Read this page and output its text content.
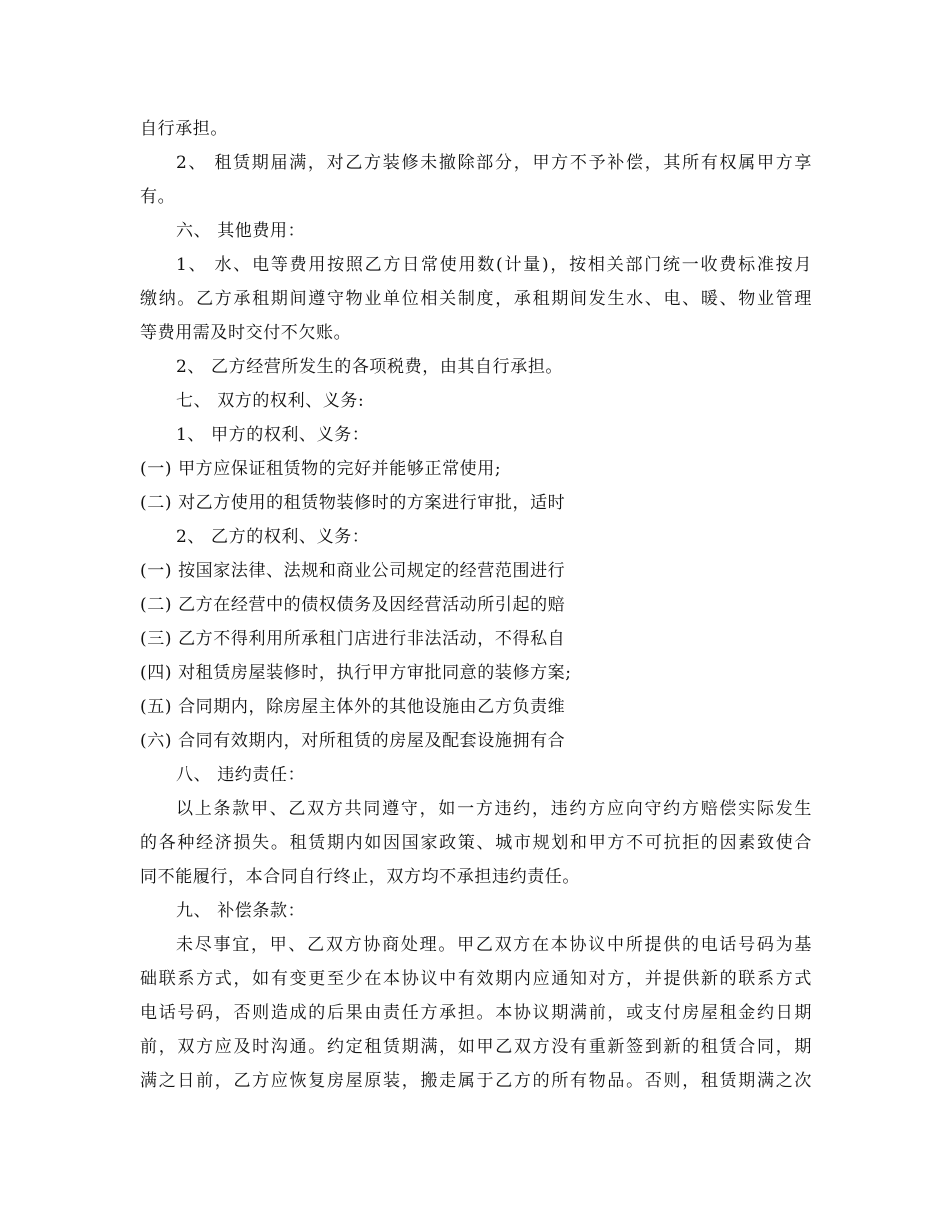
自行承担。
2、 租赁期届满，对乙方装修未撤除部分，甲方不予补偿，其所有权属甲方享
有。
六、 其他费用：
1、 水、电等费用按照乙方日常使用数(计量)，按相关部门统一收费标准按月
缴纳。乙方承租期间遵守物业单位相关制度，承租期间发生水、电、暖、物业管理
等费用需及时交付不欠账。
2、 乙方经营所发生的各项税费，由其自行承担。
七、 双方的权利、义务:
1、 甲方的权利、义务：
(一) 甲方应保证租赁物的完好并能够正常使用;
(二) 对乙方使用的租赁物装修时的方案进行审批，适时
2、 乙方的权利、义务：
(一) 按国家法律、法规和商业公司规定的经营范围进行
(二) 乙方在经营中的债权债务及因经营活动所引起的赔
(三) 乙方不得利用所承租门店进行非法活动，不得私自
(四) 对租赁房屋装修时，执行甲方审批同意的装修方案;
(五) 合同期内，除房屋主体外的其他设施由乙方负责维
(六) 合同有效期内，对所租赁的房屋及配套设施拥有合
八、 违约责任：
以上条款甲、乙双方共同遵守，如一方违约，违约方应向守约方赔偿实际发生
的各种经济损失。租赁期内如因国家政策、城市规划和甲方不可抗拒的因素致使合
同不能履行，本合同自行终止，双方均不承担违约责任。
九、 补偿条款：
未尽事宜，甲、乙双方协商处理。甲乙双方在本协议中所提供的电话号码为基
础联系方式，如有变更至少在本协议中有效期内应通知对方，并提供新的联系方式
电话号码，否则造成的后果由责任方承担。本协议期满前，或支付房屋租金约日期
前，双方应及时沟通。约定租赁期满，如甲乙双方没有重新签到新的租赁合同，期
满之日前，乙方应恢复房屋原装，搬走属于乙方的所有物品。否则，租赁期满之次
